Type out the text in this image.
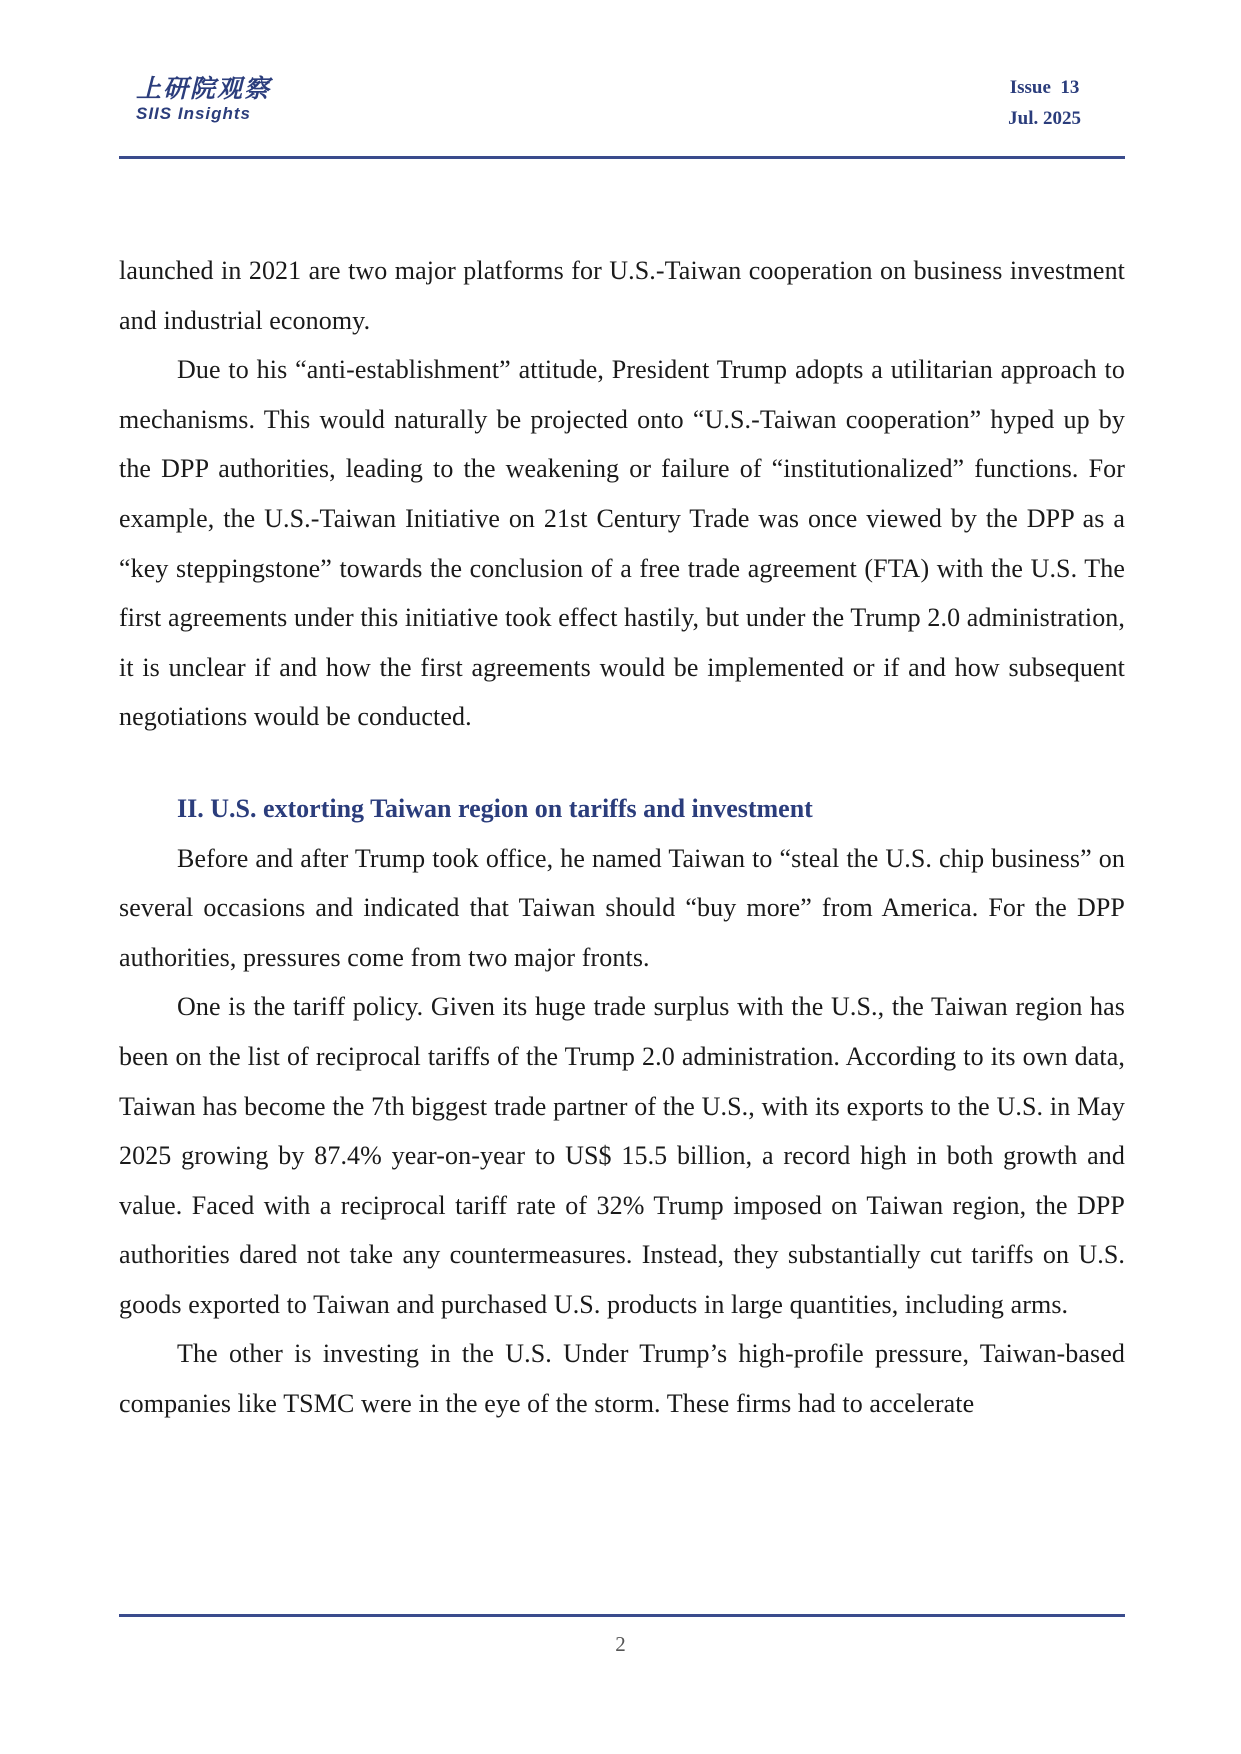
上研院观察
SIIS Insights
Issue  13
Jul. 2025

launched in 2021 are two major platforms for U.S.-Taiwan cooperation on business investment and industrial economy.

Due to his “anti-establishment” attitude, President Trump adopts a utilitarian approach to mechanisms. This would naturally be projected onto “U.S.-Taiwan cooperation” hyped up by the DPP authorities, leading to the weakening or failure of “institutionalized” functions. For example, the U.S.-Taiwan Initiative on 21st Century Trade was once viewed by the DPP as a “key steppingstone” towards the conclusion of a free trade agreement (FTA) with the U.S. The first agreements under this initiative took effect hastily, but under the Trump 2.0 administration, it is unclear if and how the first agreements would be implemented or if and how subsequent negotiations would be conducted.

II. U.S. extorting Taiwan region on tariffs and investment

Before and after Trump took office, he named Taiwan to “steal the U.S. chip business” on several occasions and indicated that Taiwan should “buy more” from America. For the DPP authorities, pressures come from two major fronts.

One is the tariff policy. Given its huge trade surplus with the U.S., the Taiwan region has been on the list of reciprocal tariffs of the Trump 2.0 administration. According to its own data, Taiwan has become the 7th biggest trade partner of the U.S., with its exports to the U.S. in May 2025 growing by 87.4% year-on-year to US$ 15.5 billion, a record high in both growth and value. Faced with a reciprocal tariff rate of 32% Trump imposed on Taiwan region, the DPP authorities dared not take any countermeasures. Instead, they substantially cut tariffs on U.S. goods exported to Taiwan and purchased U.S. products in large quantities, including arms.

The other is investing in the U.S. Under Trump’s high-profile pressure, Taiwan-based companies like TSMC were in the eye of the storm. These firms had to accelerate

2
